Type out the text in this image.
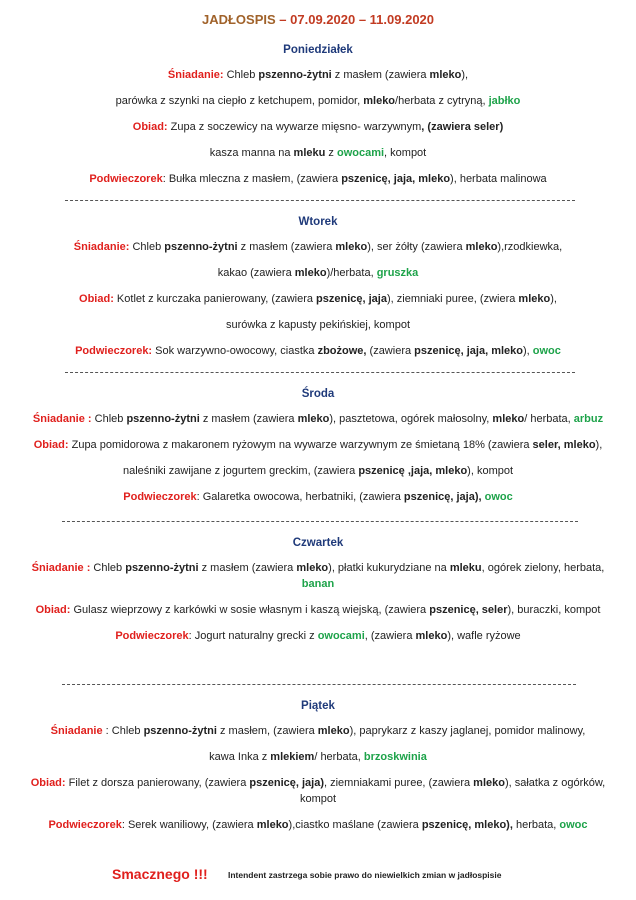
JADŁOSPIS – 07.09.2020 – 11.09.2020
Poniedziałek
Śniadanie: Chleb pszenno-żytni z masłem (zawiera mleko),
parówka z szynki na ciepło z ketchupem, pomidor, mleko/herbata z cytryną, jabłko
Obiad: Zupa z soczewicy na wywarze mięsno- warzywnym, (zawiera seler)
kasza manna na mleku z owocami, kompot
Podwieczorek: Bułka mleczna z masłem, (zawiera pszenicę, jaja, mleko), herbata malinowa
Wtorek
Śniadanie: Chleb pszenno-żytni z masłem (zawiera mleko), ser żółty (zawiera mleko),rzodkiewka,
kakao (zawiera mleko)/herbata, gruszka
Obiad: Kotlet z kurczaka panierowany, (zawiera pszenicę, jaja), ziemniaki puree, (zwiera mleko),
surówka z kapusty pekińskiej, kompot
Podwieczorek: Sok warzywno-owocowy, ciastka zbożowe, (zawiera pszenicę, jaja, mleko), owoc
Środa
Śniadanie : Chleb pszenno-żytni z masłem (zawiera mleko), pasztetowa, ogórek małosolny, mleko/ herbata, arbuz
Obiad: Zupa pomidorowa z makaronem ryżowym na wywarze warzywnym ze śmietaną 18% (zawiera seler, mleko),
naleśniki zawijane z jogurtem greckim, (zawiera pszenicę ,jaja, mleko), kompot
Podwieczorek: Galaretka owocowa, herbatniki, (zawiera pszenicę, jaja), owoc
Czwartek
Śniadanie : Chleb pszenno-żytni z masłem (zawiera mleko), płatki kukurydziane na mleku, ogórek zielony, herbata,
banan
Obiad: Gulasz wieprzowy z karkówki w sosie własnym i kaszą wiejską, (zawiera pszenicę, seler), buraczki, kompot
Podwieczorek: Jogurt naturalny grecki z owocami, (zawiera mleko), wafle ryżowe
Piątek
Śniadanie : Chleb pszenno-żytni z masłem, (zawiera mleko), paprykarz z kaszy jaglanej, pomidor malinowy,
kawa Inka z mlekiem/ herbata, brzoskwinia
Obiad: Filet z dorsza panierowany, (zawiera pszenicę, jaja), ziemniakami puree, (zawiera mleko), sałatka z ogórków,
kompot
Podwieczorek: Serek waniliowy, (zawiera mleko),ciastko maślane (zawiera pszenicę, mleko), herbata, owoc
Smacznego !!! Intendent zastrzega sobie prawo do niewielkich zmian w jadłospisie
